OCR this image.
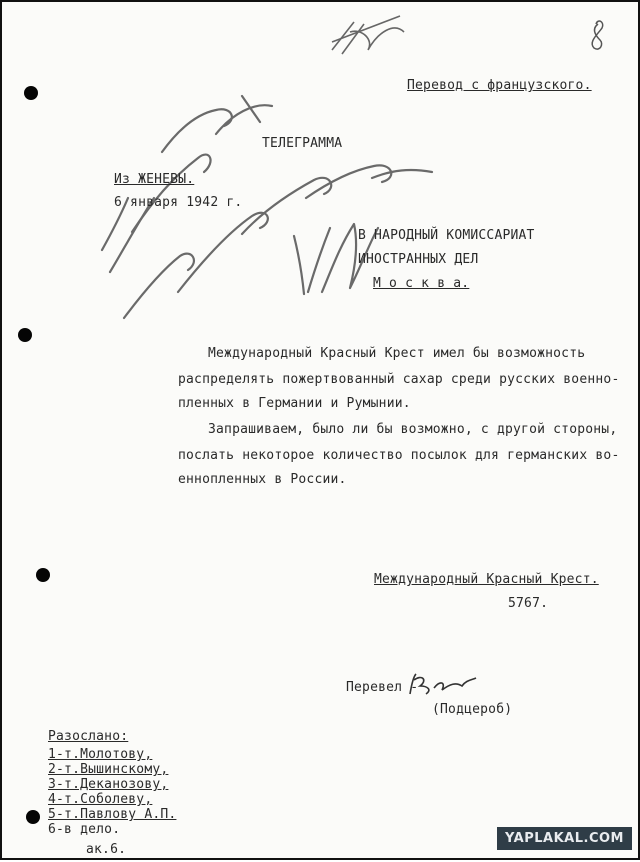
Перевод с французского.
ТЕЛЕГРАММА
Из ЖЕНЕВЫ.
6 января 1942 г.
В НАРОДНЫЙ КОМИССАРИАТ
ИНОСТРАННЫХ ДЕЛ
М о с к в а.
Международный Красный Крест имел бы возможность
распределять пожертвованный сахар среди русских военно-
пленных в Германии и Румынии.
Запрашиваем, было ли бы возможно, с другой стороны,
послать некоторое количество посылок для германских во-
еннопленных в России.
Международный Красный Крест.
5767.
Перевел -
(Подцероб)
Разослано:
1-т.Молотову,
2-т.Вышинскому,
3-т.Деканозову,
4-т.Соболеву,
5-т.Павлову А.П.
6-в дело.
ак.6.
YAPLAKAL.COM
